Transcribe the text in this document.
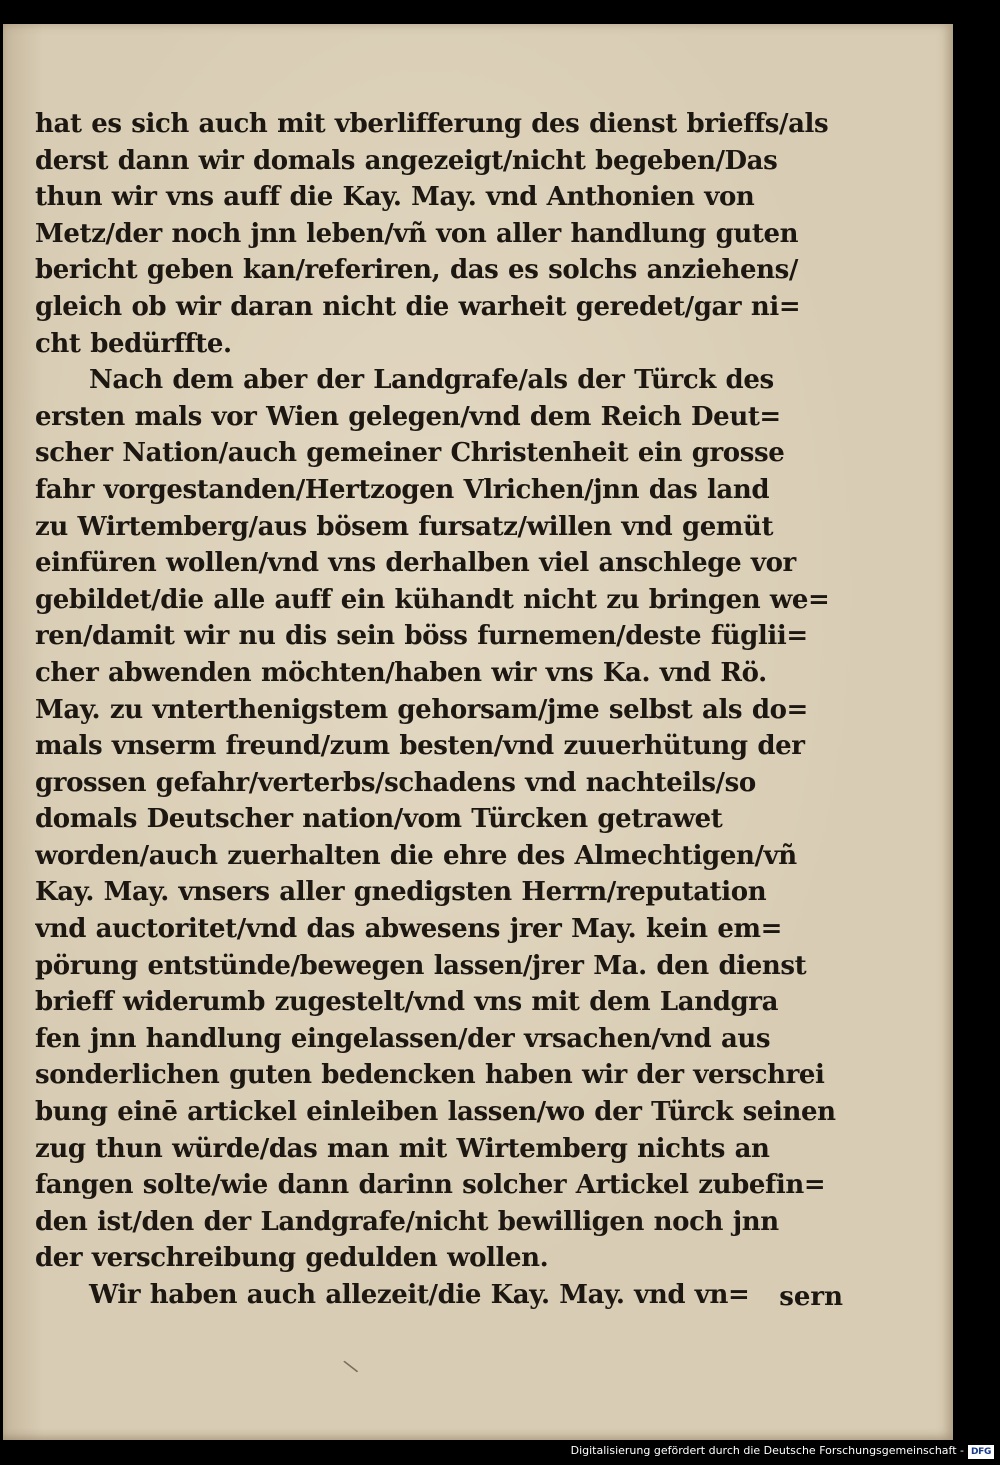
hat es sich auch mit vberlifferung des dienst brieffs/als
derst dann wir domals angezeigt/nicht begeben/Das
thun wir vns auff die Kay. May. vnd Anthonien von
Metz/der noch jnn leben/vñ von aller handlung guten
bericht geben kan/referiren, das es solchs anziehens/
gleich ob wir daran nicht die warheit geredet/gar ni=
cht bedürffte.
Nach dem aber der Landgrafe/als der Türck des
ersten mals vor Wien gelegen/vnd dem Reich Deut=
scher Nation/auch gemeiner Christenheit ein grosse
fahr vorgestanden/Hertzogen Vlrichen/jnn das land
zu Wirtemberg/aus bösem fursatz/willen vnd gemüt
einfüren wollen/vnd vns derhalben viel anschlege vor
gebildet/die alle auff ein kühandt nicht zu bringen we=
ren/damit wir nu dis sein böss furnemen/deste füglii=
cher abwenden möchten/haben wir vns Ka. vnd Rö.
May. zu vnterthenigstem gehorsam/jme selbst als do=
mals vnserm freund/zum besten/vnd zuuerhütung der
grossen gefahr/verterbs/schadens vnd nachteils/so
domals Deutscher nation/vom Türcken getrawet
worden/auch zuerhalten die ehre des Almechtigen/vñ
Kay. May. vnsers aller gnedigsten Herrn/reputation
vnd auctoritet/vnd das abwesens jrer May. kein em=
pörung entstünde/bewegen lassen/jrer Ma. den dienst
brieff widerumb zugestelt/vnd vns mit dem Landgra
fen jnn handlung eingelassen/der vrsachen/vnd aus
sonderlichen guten bedencken haben wir der verschrei
bung einē artickel einleiben lassen/wo der Türck seinen
zug thun würde/das man mit Wirtemberg nichts an
fangen solte/wie dann darinn solcher Artickel zubefin=
den ist/den der Landgrafe/nicht bewilligen noch jnn
der verschreibung gedulden wollen.
Wir haben auch allezeit/die Kay. May. vnd vn=	sern
\
Digitalisierung gefördert durch die Deutsche Forschungsgemeinschaft - DFG
